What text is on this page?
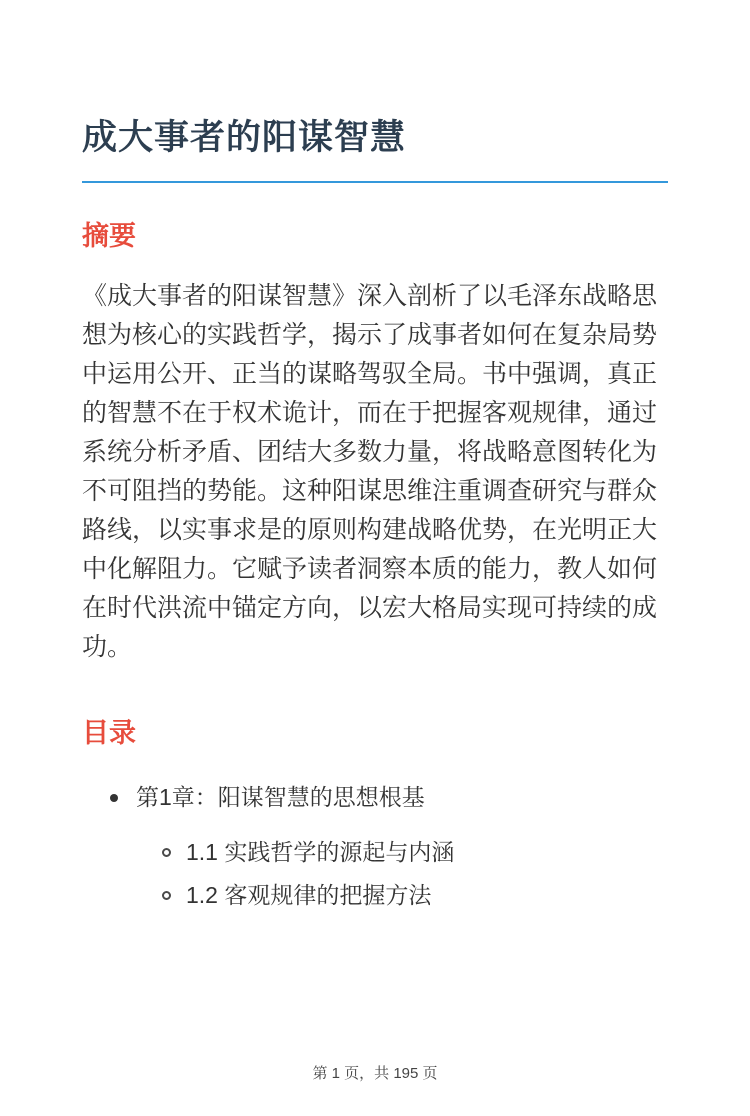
成大事者的阳谋智慧
摘要

《成大事者的阳谋智慧》深入剖析了以毛泽东战略思想为核心的实践哲学，揭示了成事者如何在复杂局势中运用公开、正当的谋略驾驭全局。书中强调，真正的智慧不在于权术诡计，而在于把握客观规律，通过系统分析矛盾、团结大多数力量，将战略意图转化为不可阻挡的势能。这种阳谋思维注重调查研究与群众路线，以实事求是的原则构建战略优势，在光明正大中化解阻力。它赋予读者洞察本质的能力，教人如何在时代洪流中锚定方向，以宏大格局实现可持续的成功。

目录
第1章：阳谋智慧的思想根基
1.1 实践哲学的源起与内涵
1.2 客观规律的把握方法
第 1 页，共 195 页
